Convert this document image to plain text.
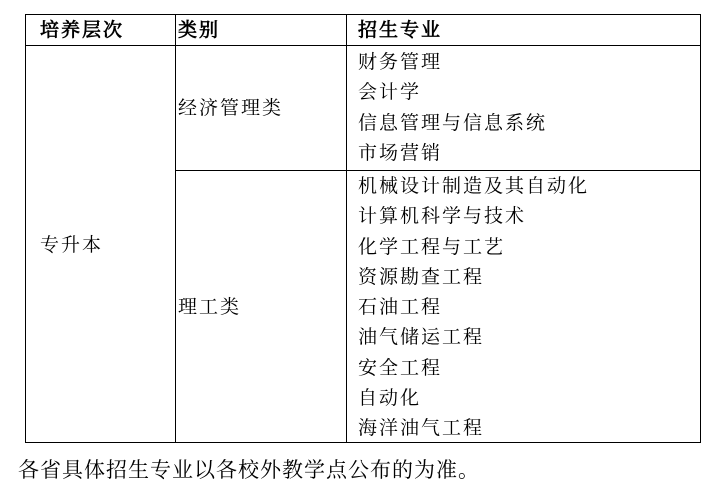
培养层次	类别	招生专业
专升本
经济管理类
财务管理
会计学
信息管理与信息系统
市场营销
理工类
机械设计制造及其自动化
计算机科学与技术
化学工程与工艺
资源勘查工程
石油工程
油气储运工程
安全工程
自动化
海洋油气工程
各省具体招生专业以各校外教学点公布的为准。
